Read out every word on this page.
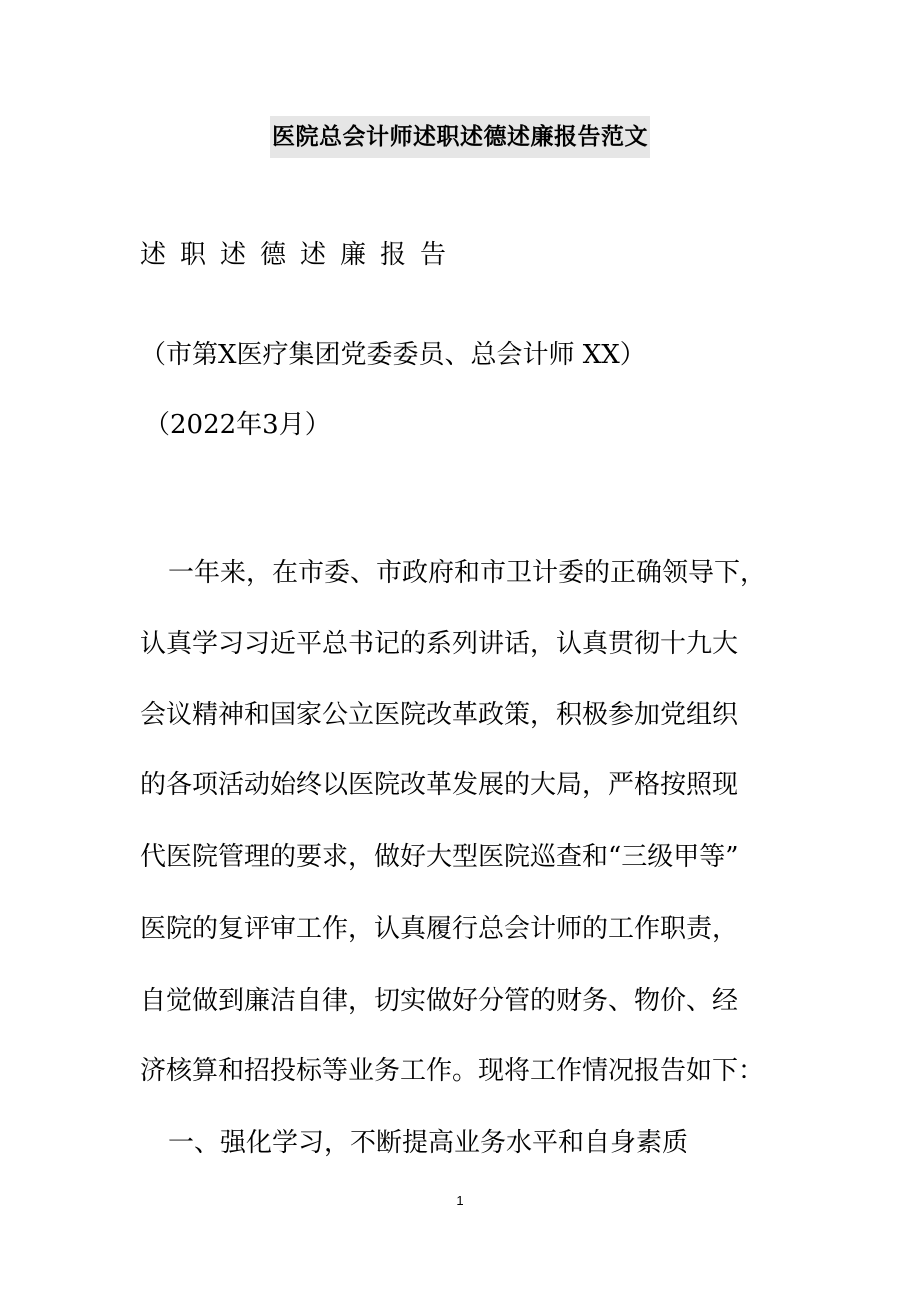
医院总会计师述职述德述廉报告范文
述职述德述廉报告
（市第X医疗集团党委委员、总会计师 XX）
（2022年3月）
一年来，在市委、市政府和市卫计委的正确领导下，
认真学习习近平总书记的系列讲话，认真贯彻十九大
会议精神和国家公立医院改革政策，积极参加党组织
的各项活动始终以医院改革发展的大局，严格按照现
代医院管理的要求，做好大型医院巡查和“三级甲等”
医院的复评审工作，认真履行总会计师的工作职责，
自觉做到廉洁自律，切实做好分管的财务、物价、经
济核算和招投标等业务工作。现将工作情况报告如下：
一、强化学习，不断提高业务水平和自身素质
1
